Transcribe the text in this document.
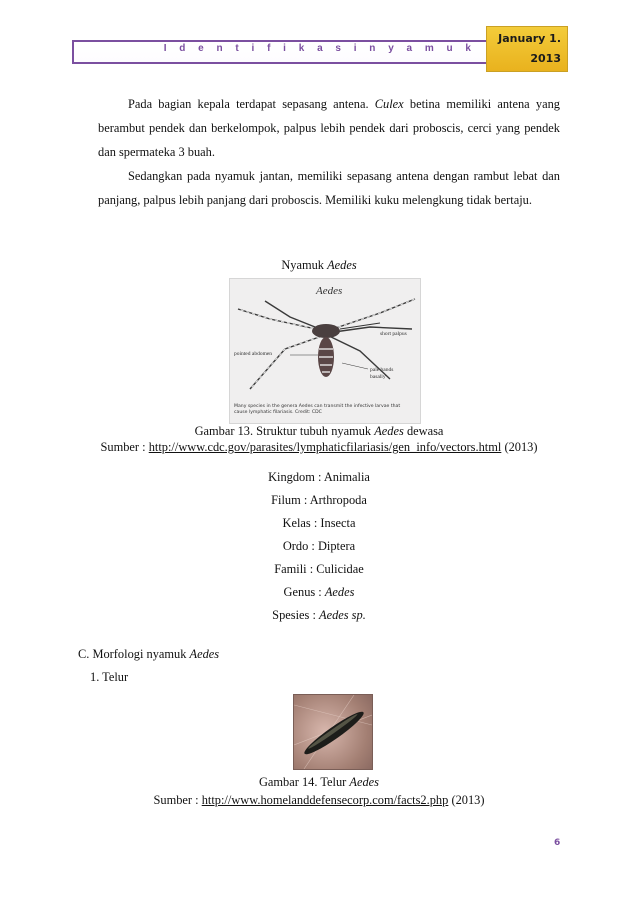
I d e n t i f i k a s i n y a m u k
January 1.
2013
Pada bagian kepala terdapat sepasang antena. Culex betina memiliki antena yang berambut pendek dan berkelompok, palpus lebih pendek dari proboscis, cerci yang pendek dan spermateka 3 buah.
Sedangkan pada nyamuk jantan, memiliki sepasang antena dengan rambut lebat dan panjang, palpus lebih panjang dari proboscis. Memiliki kuku melengkung tidak bertaju.
Nyamuk Aedes
Aedes
short palpus
pointed abdomen
pale bands
basally
Many species in the genera Aedes can transmit the infective larvae that cause lymphatic filariasis. Credit: CDC
Gambar 13. Struktur tubuh nyamuk Aedes dewasa
Sumber : http://www.cdc.gov/parasites/lymphaticfilariasis/gen_info/vectors.html (2013)
Kingdom : Animalia
Filum : Arthropoda
Kelas : Insecta
Ordo : Diptera
Famili : Culicidae
Genus : Aedes
Spesies : Aedes sp.
C. Morfologi nyamuk Aedes
1. Telur
Gambar 14. Telur Aedes
Sumber : http://www.homelanddefensecorp.com/facts2.php (2013)
6
